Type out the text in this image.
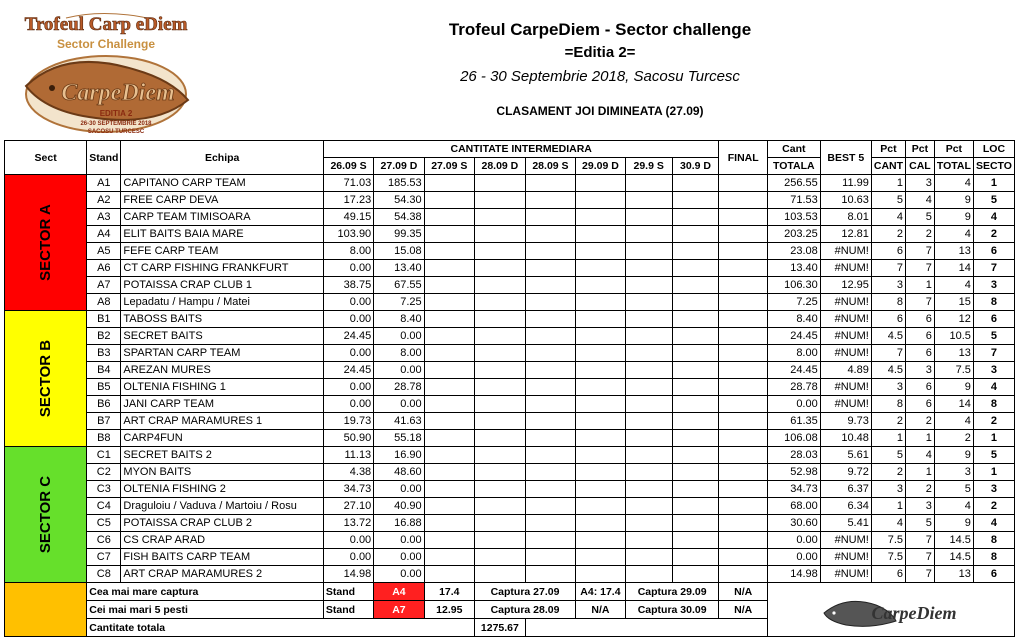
Trofeul Carp eDiem
Sector Challenge
CarpeDiem
EDITIA 2
26-30 SEPTEMBRIE 2018
SACOSU TURCESC
Trofeul CarpeDiem - Sector challenge
=Editia 2=
26 - 30 Septembrie 2018, Sacosu Turcesc
CLASAMENT JOI DIMINEATA (27.09)
Sect	Stand	Echipa	CANTITATE INTERMEDIARA								FINAL	Cant	BEST 5	Pct	Pct	Pct	LOC
			26.09 S	27.09 D	27.09 S	28.09 D	28.09 S	29.09 D	29.9 S	30.9 D		TOTALA		CANT	CAL	TOTAL	SECTO
SECTOR A	A1	CAPITANO CARP TEAM	71.03	185.53								256.55	11.99	1	3	4	1
	A2	FREE CARP DEVA	17.23	54.30								71.53	10.63	5	4	9	5
	A3	CARP TEAM TIMISOARA	49.15	54.38								103.53	8.01	4	5	9	4
	A4	ELIT BAITS BAIA MARE	103.90	99.35								203.25	12.81	2	2	4	2
	A5	FEFE CARP TEAM	8.00	15.08								23.08	#NUM!	6	7	13	6
	A6	CT CARP FISHING FRANKFURT	0.00	13.40								13.40	#NUM!	7	7	14	7
	A7	POTAISSA CRAP CLUB 1	38.75	67.55								106.30	12.95	3	1	4	3
	A8	Lepadatu / Hampu / Matei	0.00	7.25								7.25	#NUM!	8	7	15	8
SECTOR B	B1	TABOSS BAITS	0.00	8.40								8.40	#NUM!	6	6	12	6
	B2	SECRET BAITS	24.45	0.00								24.45	#NUM!	4.5	6	10.5	5
	B3	SPARTAN CARP TEAM	0.00	8.00								8.00	#NUM!	7	6	13	7
	B4	AREZAN MURES	24.45	0.00								24.45	4.89	4.5	3	7.5	3
	B5	OLTENIA FISHING 1	0.00	28.78								28.78	#NUM!	3	6	9	4
	B6	JANI CARP TEAM	0.00	0.00								0.00	#NUM!	8	6	14	8
	B7	ART CRAP MARAMURES 1	19.73	41.63								61.35	9.73	2	2	4	2
	B8	CARP4FUN	50.90	55.18								106.08	10.48	1	1	2	1
SECTOR C	C1	SECRET BAITS 2	11.13	16.90								28.03	5.61	5	4	9	5
	C2	MYON BAITS	4.38	48.60								52.98	9.72	2	1	3	1
	C3	OLTENIA FISHING 2	34.73	0.00								34.73	6.37	3	2	5	3
	C4	Draguloiu / Vaduva / Martoiu / Rosu	27.10	40.90								68.00	6.34	1	3	4	2
	C5	POTAISSA CRAP CLUB 2	13.72	16.88								30.60	5.41	4	5	9	4
	C6	CS CRAP ARAD	0.00	0.00								0.00	#NUM!	7.5	7	14.5	8
	C7	FISH BAITS CARP TEAM	0.00	0.00								0.00	#NUM!	7.5	7	14.5	8
	C8	ART CRAP MARAMURES 2	14.98	0.00								14.98	#NUM!	6	7	13	6
	Cea mai mare captura		Stand	A4	17.4	Captura 27.09		A4: 17.4	Captura 29.09		N/A	CarpeDiem					

	Cei mai mari 5 pesti		Stand	A7	12.95	Captura 28.09		N/A	Captura 30.09		N/A						
	Cantitate totala					1275.67											
